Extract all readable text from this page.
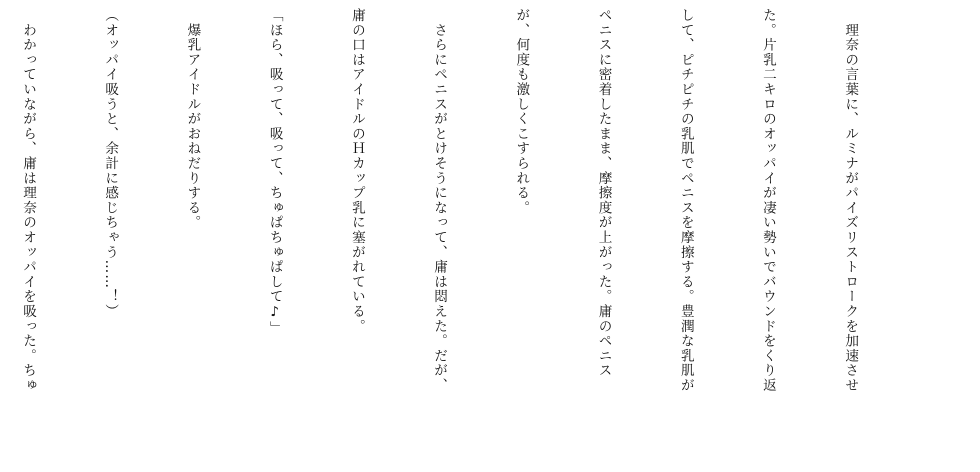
　理奈の言葉に、ルミナがパイズリストロークを加速させ

た。片乳二キロのオッパイが凄い勢いでバウンドをくり返

して、ピチピチの乳肌でペニスを摩擦する。豊潤な乳肌が

ペニスに密着したまま、摩擦度が上がった。庸のペニス

が、何度も激しくこすられる。

　さらにペニスがとけそうになって、庸は悶えた。だが、

庸の口はアイドルのＨカップ乳に塞がれている。

「ほら、吸って、吸って、ちゅぱちゅぱして♪」

　爆乳アイドルがおねだりする。

（オッパイ吸うと、余計に感じちゃう……！）

　わかっていながら、庸は理奈のオッパイを吸った。ちゅ
